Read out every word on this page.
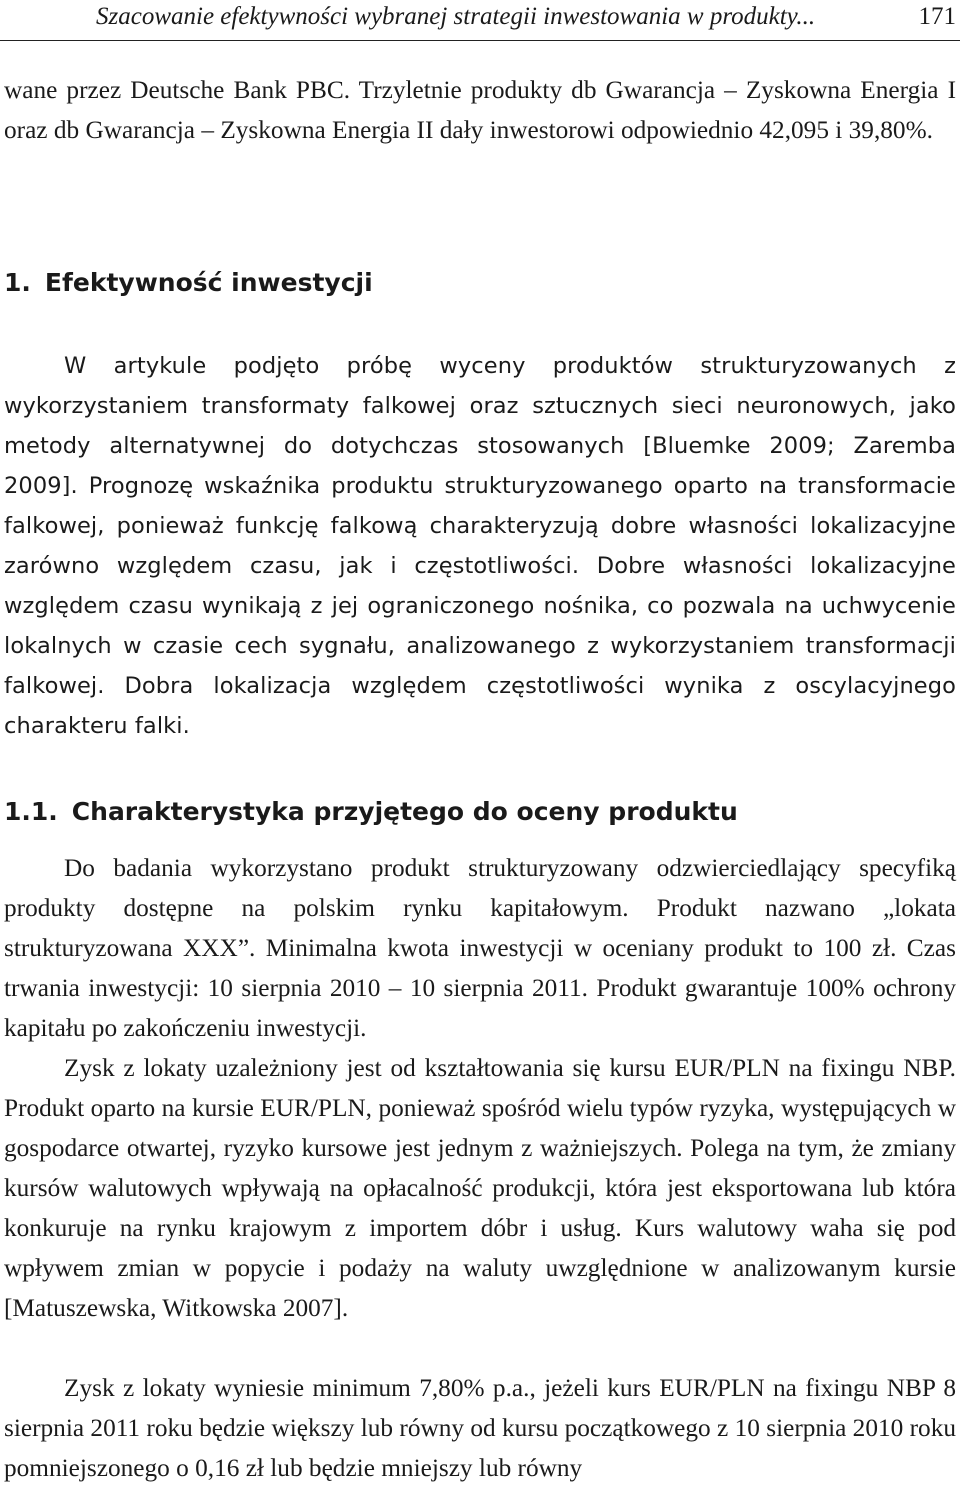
Szacowanie efektywności wybranej strategii inwestowania w produkty...	171

wane przez Deutsche Bank PBC. Trzyletnie produkty db Gwarancja – Zyskowna Energia I oraz db Gwarancja – Zyskowna Energia II dały inwestorowi odpowiednio 42,095 i 39,80%.

1. Efektywność inwestycji

W artykule podjęto próbę wyceny produktów strukturyzowanych z wykorzystaniem transformaty falkowej oraz sztucznych sieci neuronowych, jako metody alternatywnej do dotychczas stosowanych [Bluemke 2009; Zaremba 2009]. Prognozę wskaźnika produktu strukturyzowanego oparto na transformacie falkowej, ponieważ funkcję falkową charakteryzują dobre własności lokalizacyjne zarówno względem czasu, jak i częstotliwości. Dobre własności lokalizacyjne względem czasu wynikają z jej ograniczonego nośnika, co pozwala na uchwycenie lokalnych w czasie cech sygnału, analizowanego z wykorzystaniem transformacji falkowej. Dobra lokalizacja względem częstotliwości wynika z oscylacyjnego charakteru falki.

1.1. Charakterystyka przyjętego do oceny produktu

Do badania wykorzystano produkt strukturyzowany odzwierciedlający specyfiką produkty dostępne na polskim rynku kapitałowym. Produkt nazwano „lokata strukturyzowana XXX”. Minimalna kwota inwestycji w oceniany produkt to 100 zł. Czas trwania inwestycji: 10 sierpnia 2010 – 10 sierpnia 2011. Produkt gwarantuje 100% ochrony kapitału po zakończeniu inwestycji.

Zysk z lokaty uzależniony jest od kształtowania się kursu EUR/PLN na fixingu NBP. Produkt oparto na kursie EUR/PLN, ponieważ spośród wielu typów ryzyka, występujących w gospodarce otwartej, ryzyko kursowe jest jednym z ważniejszych. Polega na tym, że zmiany kursów walutowych wpływają na opłacalność produkcji, która jest eksportowana lub która konkuruje na rynku krajowym z importem dóbr i usług. Kurs walutowy waha się pod wpływem zmian w popycie i podaży na waluty uwzględnione w analizowanym kursie [Matuszewska, Witkowska 2007].

Zysk z lokaty wyniesie minimum 7,80% p.a., jeżeli kurs EUR/PLN na fixingu NBP 8 sierpnia 2011 roku będzie większy lub równy od kursu początkowego z 10 sierpnia 2010 roku pomniejszonego o 0,16 zł lub będzie mniejszy lub równy
